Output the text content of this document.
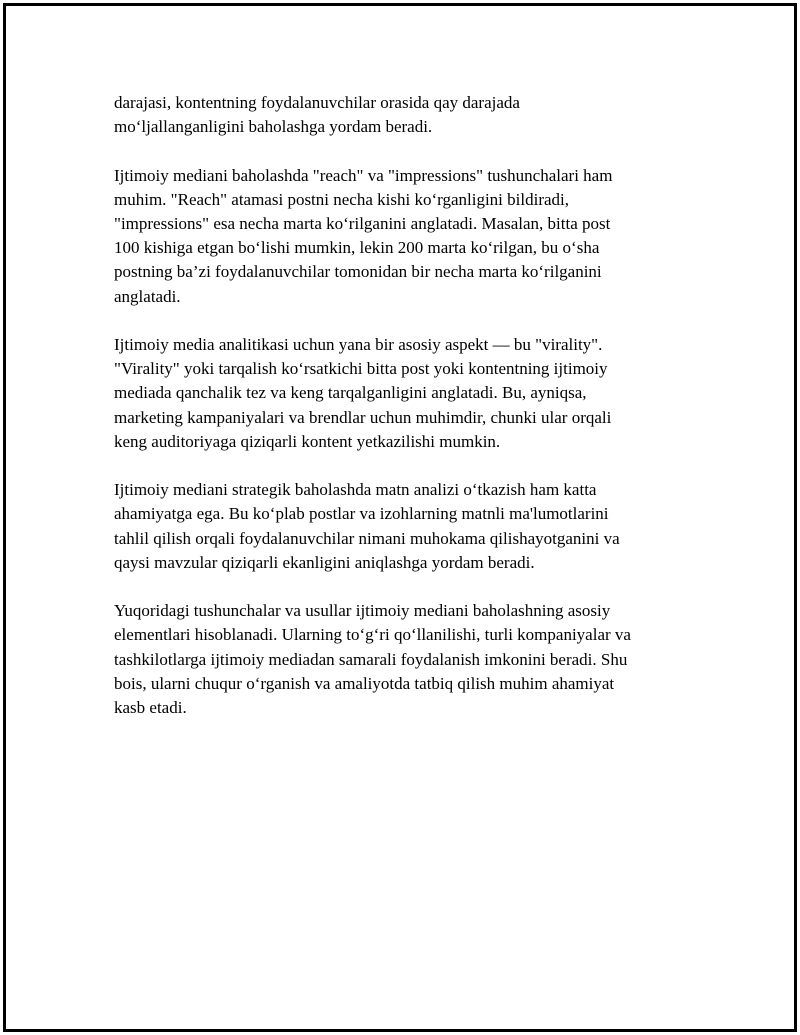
darajasi, kontentning foydalanuvchilar orasida qay darajada
mo‘ljallanganligini baholashga yordam beradi.

Ijtimoiy mediani baholashda "reach" va "impressions" tushunchalari ham
muhim. "Reach" atamasi postni necha kishi ko‘rganligini bildiradi,
"impressions" esa necha marta ko‘rilganini anglatadi. Masalan, bitta post
100 kishiga etgan bo‘lishi mumkin, lekin 200 marta ko‘rilgan, bu o‘sha
postning ba’zi foydalanuvchilar tomonidan bir necha marta ko‘rilganini
anglatadi.

Ijtimoiy media analitikasi uchun yana bir asosiy aspekt — bu "virality".
"Virality" yoki tarqalish ko‘rsatkichi bitta post yoki kontentning ijtimoiy
mediada qanchalik tez va keng tarqalganligini anglatadi. Bu, ayniqsa,
marketing kampaniyalari va brendlar uchun muhimdir, chunki ular orqali
keng auditoriyaga qiziqarli kontent yetkazilishi mumkin.

Ijtimoiy mediani strategik baholashda matn analizi o‘tkazish ham katta
ahamiyatga ega. Bu ko‘plab postlar va izohlarning matnli ma'lumotlarini
tahlil qilish orqali foydalanuvchilar nimani muhokama qilishayotganini va
qaysi mavzular qiziqarli ekanligini aniqlashga yordam beradi.

Yuqoridagi tushunchalar va usullar ijtimoiy mediani baholashning asosiy
elementlari hisoblanadi. Ularning to‘g‘ri qo‘llanilishi, turli kompaniyalar va
tashkilotlarga ijtimoiy mediadan samarali foydalanish imkonini beradi. Shu
bois, ularni chuqur o‘rganish va amaliyotda tatbiq qilish muhim ahamiyat
kasb etadi.
